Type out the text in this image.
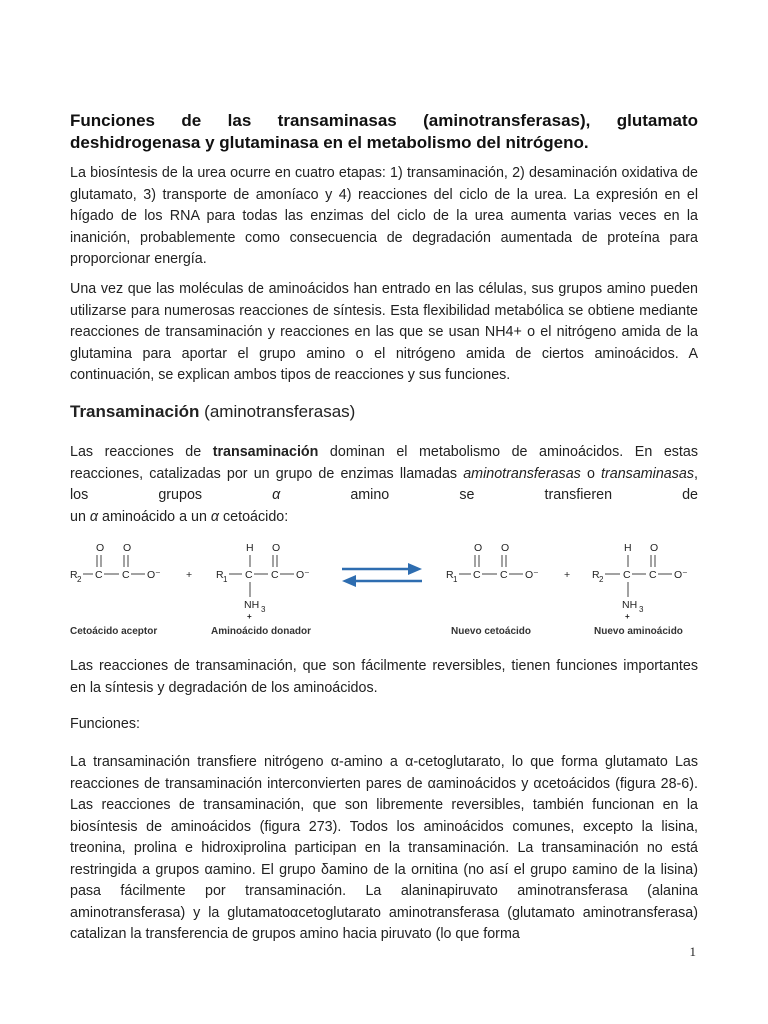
Funciones de las transaminasas (aminotransferasas), glutamato deshidrogenasa y glutaminasa en el metabolismo del nitrógeno.

La biosíntesis de la urea ocurre en cuatro etapas: 1) transaminación, 2) desaminación oxidativa de glutamato, 3) transporte de amoníaco y 4) reacciones del ciclo de la urea. La expresión en el hígado de los RNA para todas las enzimas del ciclo de la urea aumenta varias veces en la inanición, probablemente como consecuencia de degradación aumentada de proteína para proporcionar energía.

Una vez que las moléculas de aminoácidos han entrado en las células, sus grupos amino pueden utilizarse para numerosas reacciones de síntesis. Esta flexibilidad metabólica se obtiene mediante reacciones de transaminación y reacciones en las que se usan NH4+ o el nitrógeno amida de la glutamina para aportar el grupo amino o el nitrógeno amida de ciertos aminoácidos. A continuación, se explican ambos tipos de reacciones y sus funciones.

Transaminación (aminotransferasas)

Las reacciones de transaminación dominan el metabolismo de aminoácidos. En estas reacciones, catalizadas por un grupo de enzimas llamadas aminotransferasas o transaminasas, los grupos α amino se transfieren de
un α aminoácido a un α cetoácido:

O O
R 2 C C O⁻
Cetoácido aceptor
+
H O
R 1 C C O⁻
NH 3
+
Aminoácido donador
O O
R 1 C C O⁻
Nuevo cetoácido
+
H O
R 2 C C O⁻
NH 3
+
Nuevo aminoácido

Las reacciones de transaminación, que son fácilmente reversibles, tienen funciones importantes en la síntesis y degradación de los aminoácidos.

Funciones:

La transaminación transfiere nitrógeno α-amino a α-cetoglutarato, lo que forma glutamato Las reacciones de transaminación interconvierten pares de αaminoácidos y αcetoácidos (figura 28-6). Las reacciones de transaminación, que son libremente reversibles, también funcionan en la biosíntesis de aminoácidos (figura 273). Todos los aminoácidos comunes, excepto la lisina, treonina, prolina e hidroxiprolina participan en la transaminación. La transaminación no está restringida a grupos αamino. El grupo δamino de la ornitina (no así el grupo εamino de la lisina) pasa fácilmente por transaminación. La alaninapiruvato aminotransferasa (alanina aminotransferasa) y la glutamatoαcetoglutarato aminotransferasa (glutamato aminotransferasa) catalizan la transferencia de grupos amino hacia piruvato (lo que forma

1
